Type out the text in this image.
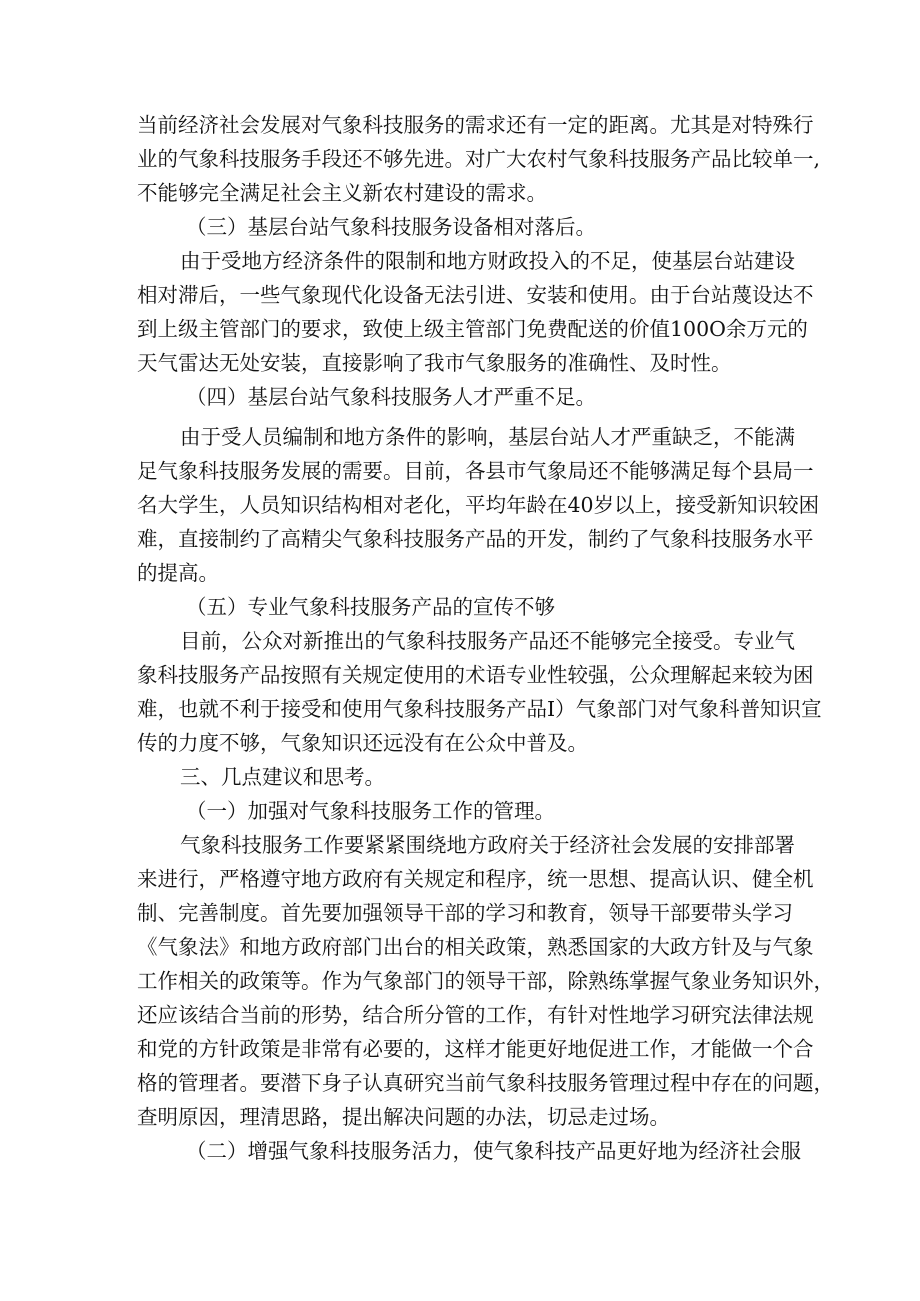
当前经济社会发展对气象科技服务的需求还有一定的距离。尤其是对特殊行
业的气象科技服务手段还不够先进。对广大农村气象科技服务产品比较单一,
不能够完全满足社会主义新农村建设的需求。
（三）基层台站气象科技服务设备相对落后。
由于受地方经济条件的限制和地方财政投入的不足，使基层台站建设
相对滞后，一些气象现代化设备无法引进、安装和使用。由于台站蔑设达不
到上级主管部门的要求，致使上级主管部门免费配送的价值100O余万元的
天气雷达无处安装，直接影响了我市气象服务的准确性、及时性。
（四）基层台站气象科技服务人才严重不足。
由于受人员编制和地方条件的影响，基层台站人才严重缺乏，不能满
足气象科技服务发展的需要。目前，各县市气象局还不能够满足每个县局一
名大学生，人员知识结构相对老化，平均年龄在40岁以上，接受新知识较困
难，直接制约了高精尖气象科技服务产品的开发，制约了气象科技服务水平
的提高。
（五）专业气象科技服务产品的宣传不够
目前，公众对新推出的气象科技服务产品还不能够完全接受。专业气
象科技服务产品按照有关规定使用的术语专业性较强，公众理解起来较为困
难，也就不利于接受和使用气象科技服务产品I）气象部门对气象科普知识宣
传的力度不够，气象知识还远没有在公众中普及。
三、几点建议和思考。
（一）加强对气象科技服务工作的管理。
气象科技服务工作要紧紧围绕地方政府关于经济社会发展的安排部署
来进行，严格遵守地方政府有关规定和程序，统一思想、提高认识、健全机
制、完善制度。首先要加强领导干部的学习和教育，领导干部要带头学习
《气象法》和地方政府部门出台的相关政策，熟悉国家的大政方针及与气象
工作相关的政策等。作为气象部门的领导干部，除熟练掌握气象业务知识外，
还应该结合当前的形势，结合所分管的工作，有针对性地学习研究法律法规
和党的方针政策是非常有必要的，这样才能更好地促进工作，才能做一个合
格的管理者。要潜下身子认真研究当前气象科技服务管理过程中存在的问题，
查明原因，理清思路，提出解决问题的办法，切忌走过场。
（二）增强气象科技服务活力，使气象科技产品更好地为经济社会服
